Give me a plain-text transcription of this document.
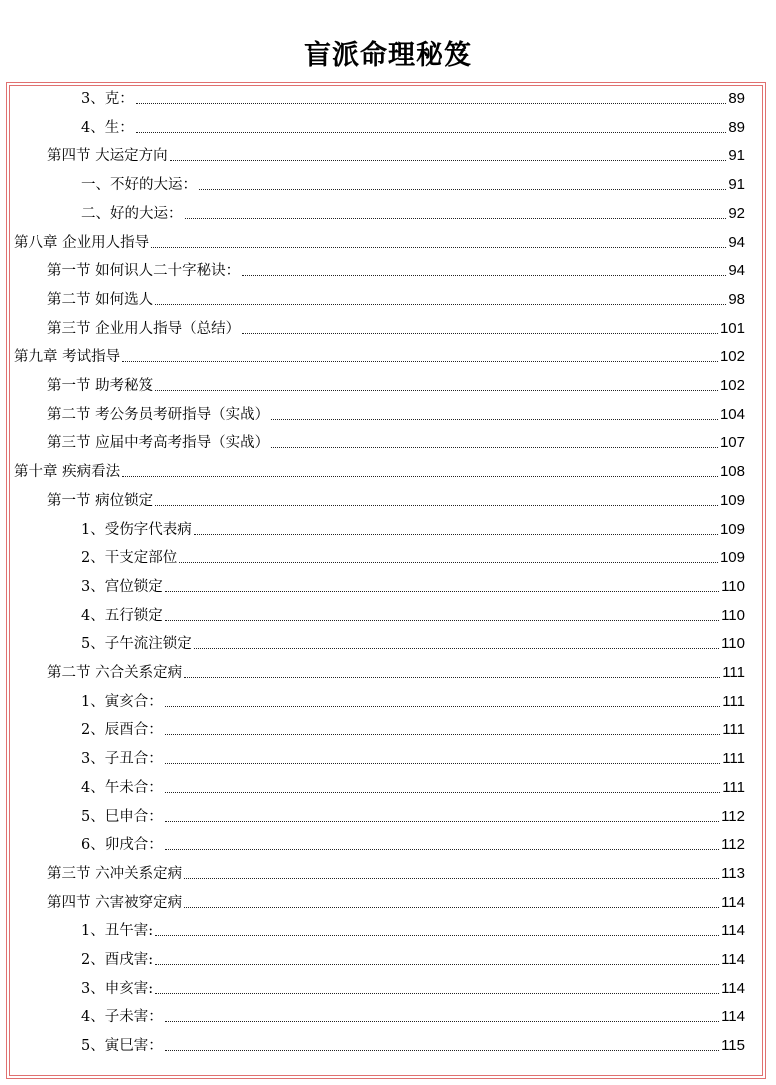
盲派命理秘笈
3、克：	89
4、生：	89
第四节 大运定方向	91
一、不好的大运：	91
二、好的大运：	92
第八章 企业用人指导	94
第一节 如何识人二十字秘诀：	94
第二节 如何选人	98
第三节 企业用人指导（总结）	101
第九章 考试指导	102
第一节 助考秘笈	102
第二节 考公务员考研指导（实战）	104
第三节 应届中考高考指导（实战）	107
第十章 疾病看法	108
第一节 病位锁定	109
1、受伤字代表病	109
2、干支定部位	109
3、宫位锁定	110
4、五行锁定	110
5、子午流注锁定	110
第二节 六合关系定病	111
1、寅亥合：	111
2、辰酉合：	111
3、子丑合：	111
4、午未合：	111
5、巳申合：	112
6、卯戌合：	112
第三节 六冲关系定病	113
第四节 六害被穿定病	114
1、丑午害:	114
2、酉戌害:	114
3、申亥害:	114
4、子未害：	114
5、寅巳害：	115
